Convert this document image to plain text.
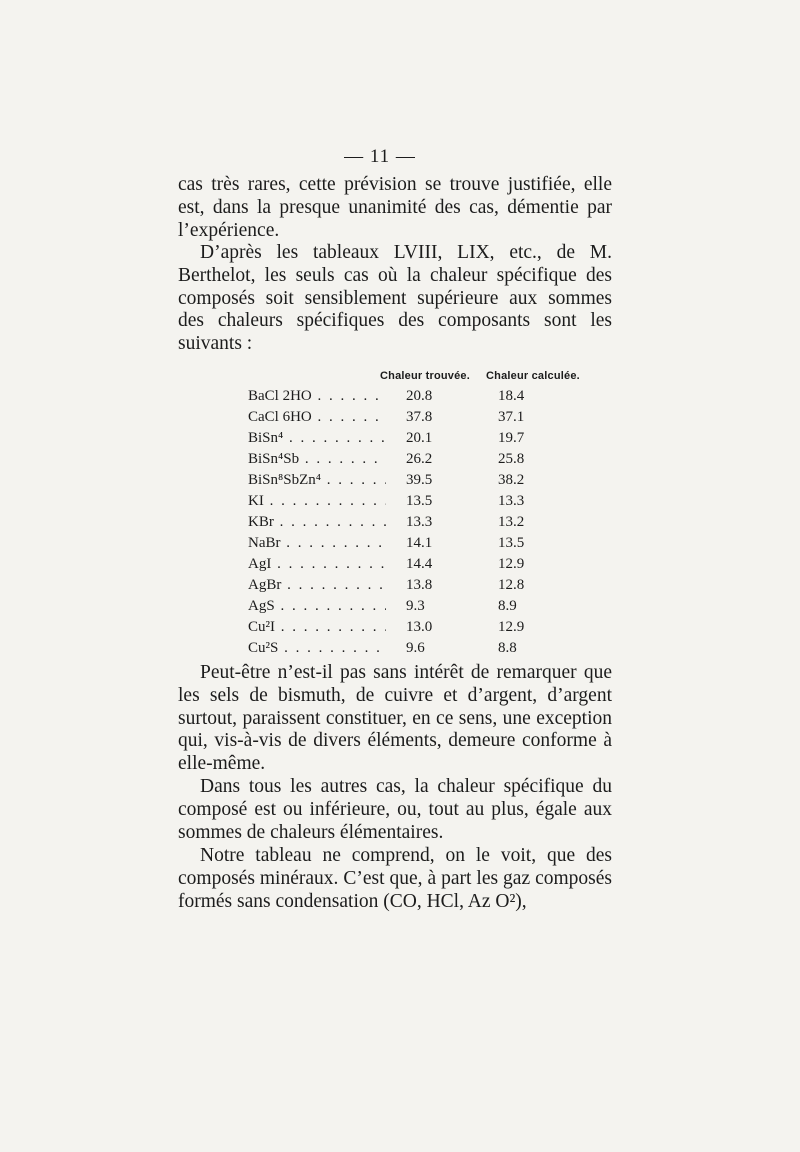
— 11 —

cas très rares, cette prévision se trouve justifiée, elle est, dans la presque unanimité des cas, démentie par l’expérience.

D’après les tableaux LVIII, LIX, etc., de M. Berthelot, les seuls cas où la chaleur spécifique des composés soit sensiblement supérieure aux sommes des chaleurs spécifiques des composants sont les suivants :

Chaleur trouvée. Chaleur calculée.
BaCl 2HO . . .	20.8	18.4
CaCl 6HO . . .	37.8	37.1
BiSn⁴ . . .	20.1	19.7
BiSn⁴Sb . . .	26.2	25.8
BiSn⁸SbZn⁴ . . .	39.5	38.2
KI . . .	13.5	13.3
KBr . . .	13.3	13.2
NaBr . . .	14.1	13.5
AgI . . .	14.4	12.9
AgBr . . .	13.8	12.8
AgS . . .	9.3	8.9
Cu²I . . .	13.0	12.9
Cu²S . . .	9.6	8.8

Peut-être n’est-il pas sans intérêt de remarquer que les sels de bismuth, de cuivre et d’argent, d’argent surtout, paraissent constituer, en ce sens, une exception qui, vis-à-vis de divers éléments, demeure conforme à elle-même.

Dans tous les autres cas, la chaleur spécifique du composé est ou inférieure, ou, tout au plus, égale aux sommes de chaleurs élémentaires.

Notre tableau ne comprend, on le voit, que des composés minéraux. C’est que, à part les gaz composés formés sans condensation (CO, HCl, Az O²),
